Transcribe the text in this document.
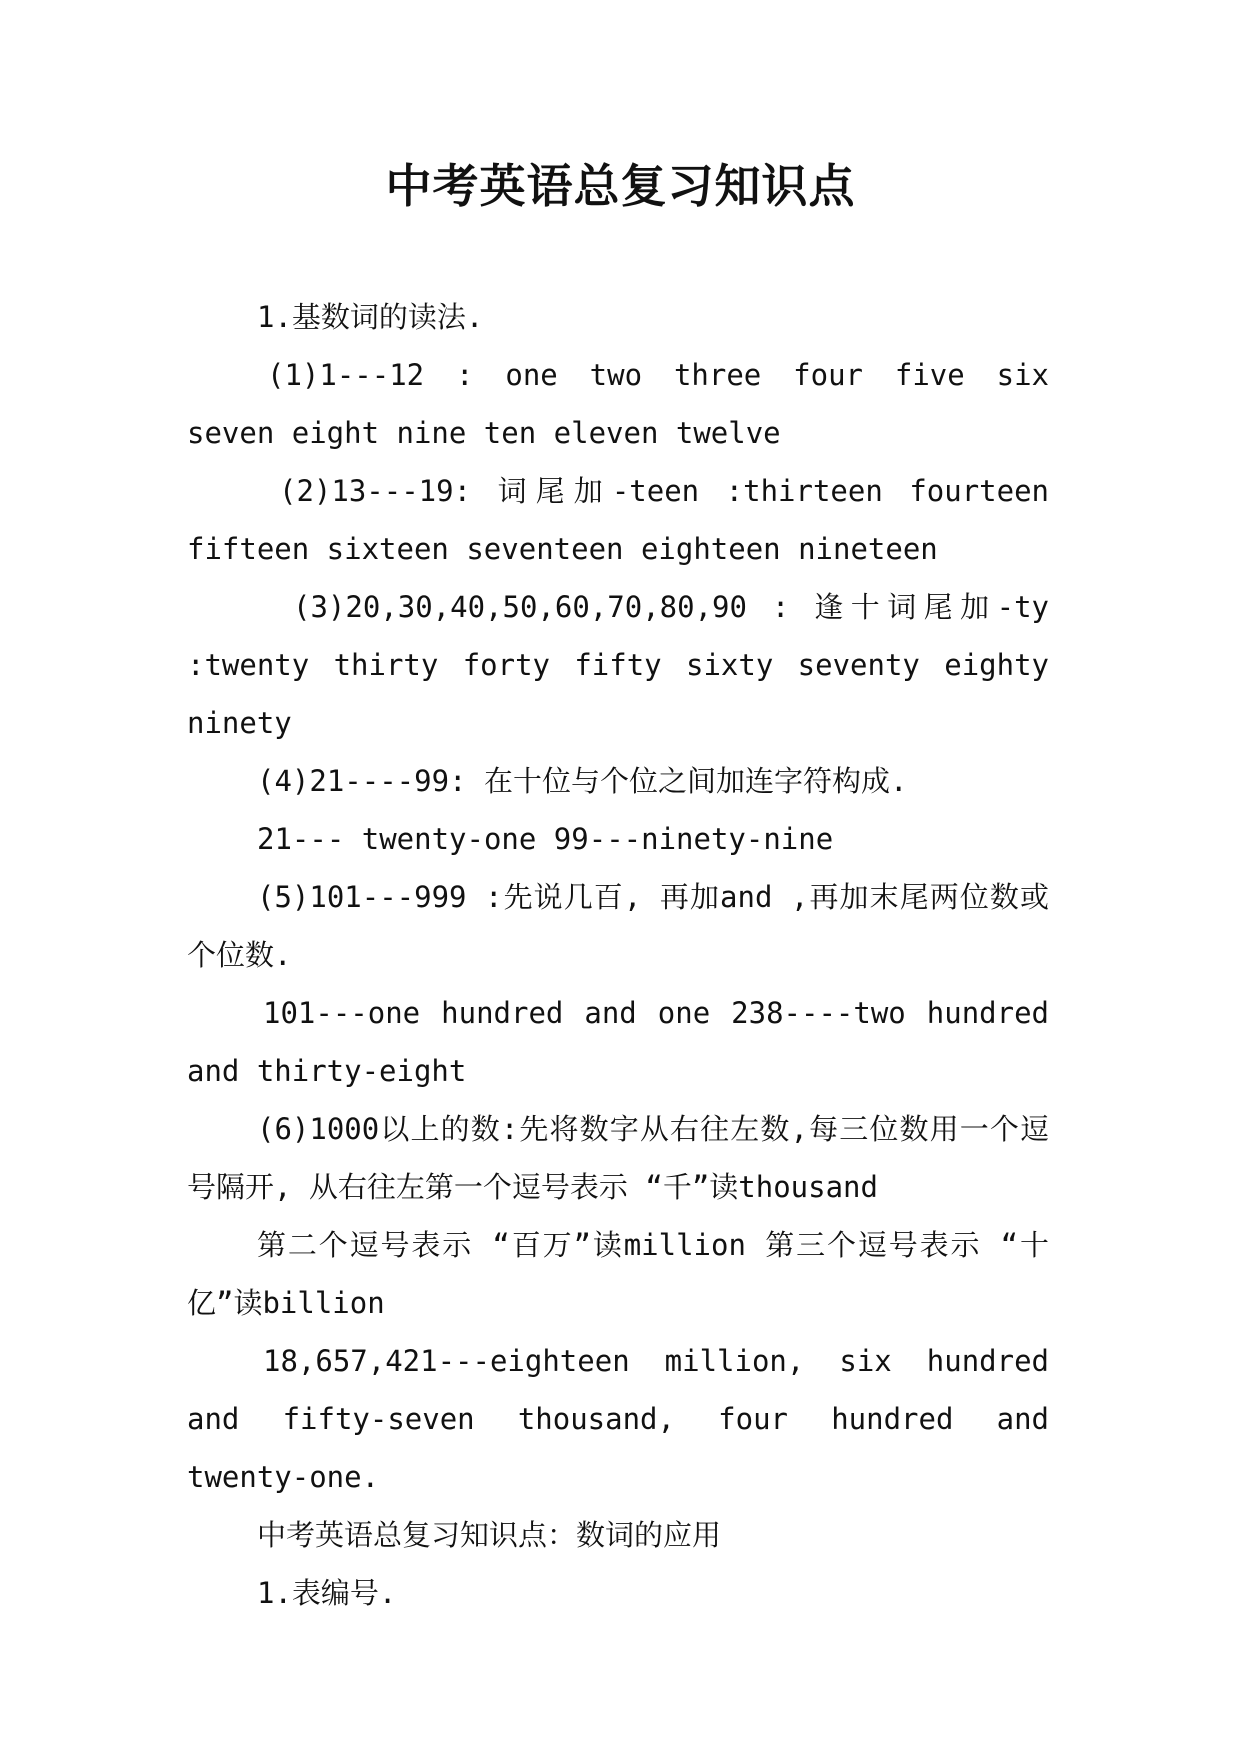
中考英语总复习知识点

1.基数词的读法.

(1)1---12 : one two three four five six seven eight nine ten eleven twelve

(2)13---19: 词尾加-teen :thirteen fourteen fifteen sixteen seventeen eighteen nineteen

(3)20,30,40,50,60,70,80,90 : 逢十词尾加-ty :twenty thirty forty fifty sixty seventy eighty ninety

(4)21----99: 在十位与个位之间加连字符构成.

21--- twenty-one 99---ninety-nine

(5)101---999 :先说几百, 再加and ,再加末尾两位数或个位数.

101---one hundred and one 238----two hundred and thirty-eight

(6)1000以上的数:先将数字从右往左数,每三位数用一个逗号隔开, 从右往左第一个逗号表示 “千”读thousand

第二个逗号表示 “百万”读million 第三个逗号表示 “十亿”读billion

18,657,421---eighteen million, six hundred and fifty-seven thousand, four hundred and twenty-one.

中考英语总复习知识点：数词的应用

1.表编号.
